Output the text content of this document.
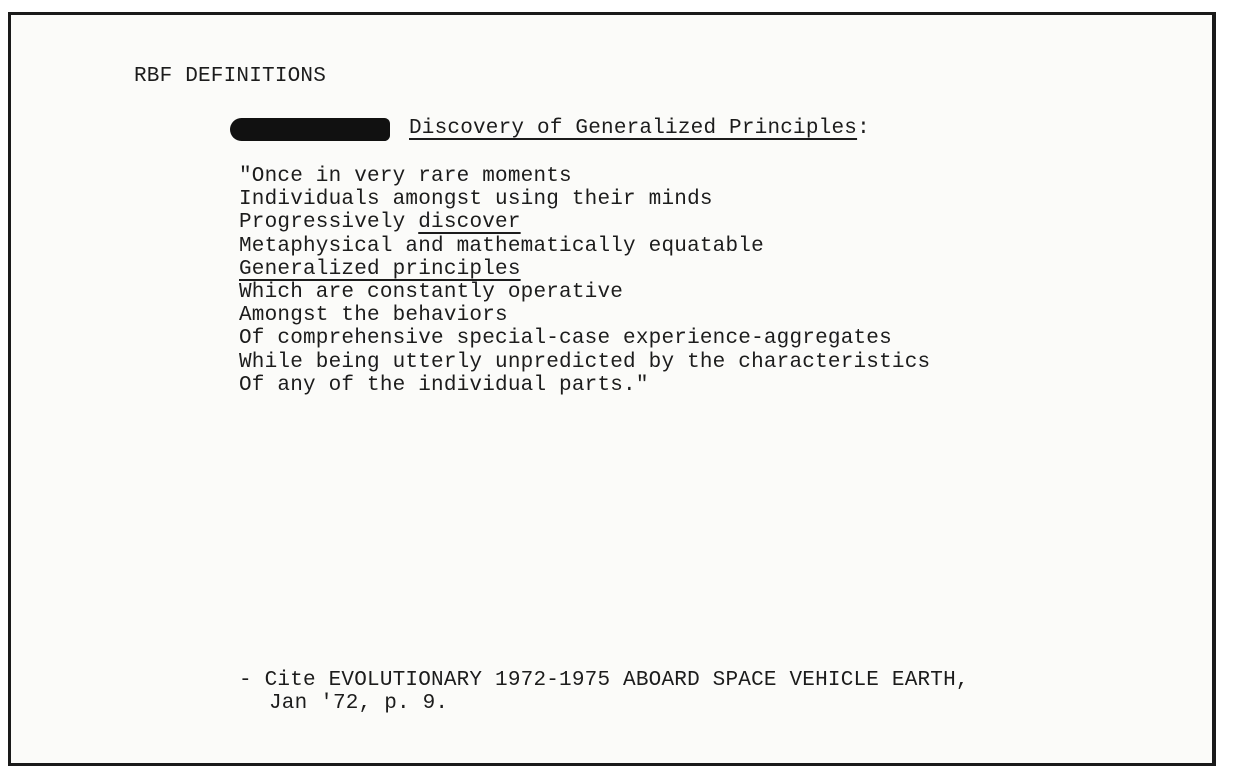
RBF DEFINITIONS
Discovery of Generalized Principles:
"Once in very rare moments
Individuals amongst using their minds
Progressively discover
Metaphysical and mathematically equatable
Generalized principles
Which are constantly operative
Amongst the behaviors
Of comprehensive special-case experience-aggregates
While being utterly unpredicted by the characteristics
Of any of the individual parts."
- Cite EVOLUTIONARY 1972-1975 ABOARD SPACE VEHICLE EARTH,
Jan '72, p. 9.
